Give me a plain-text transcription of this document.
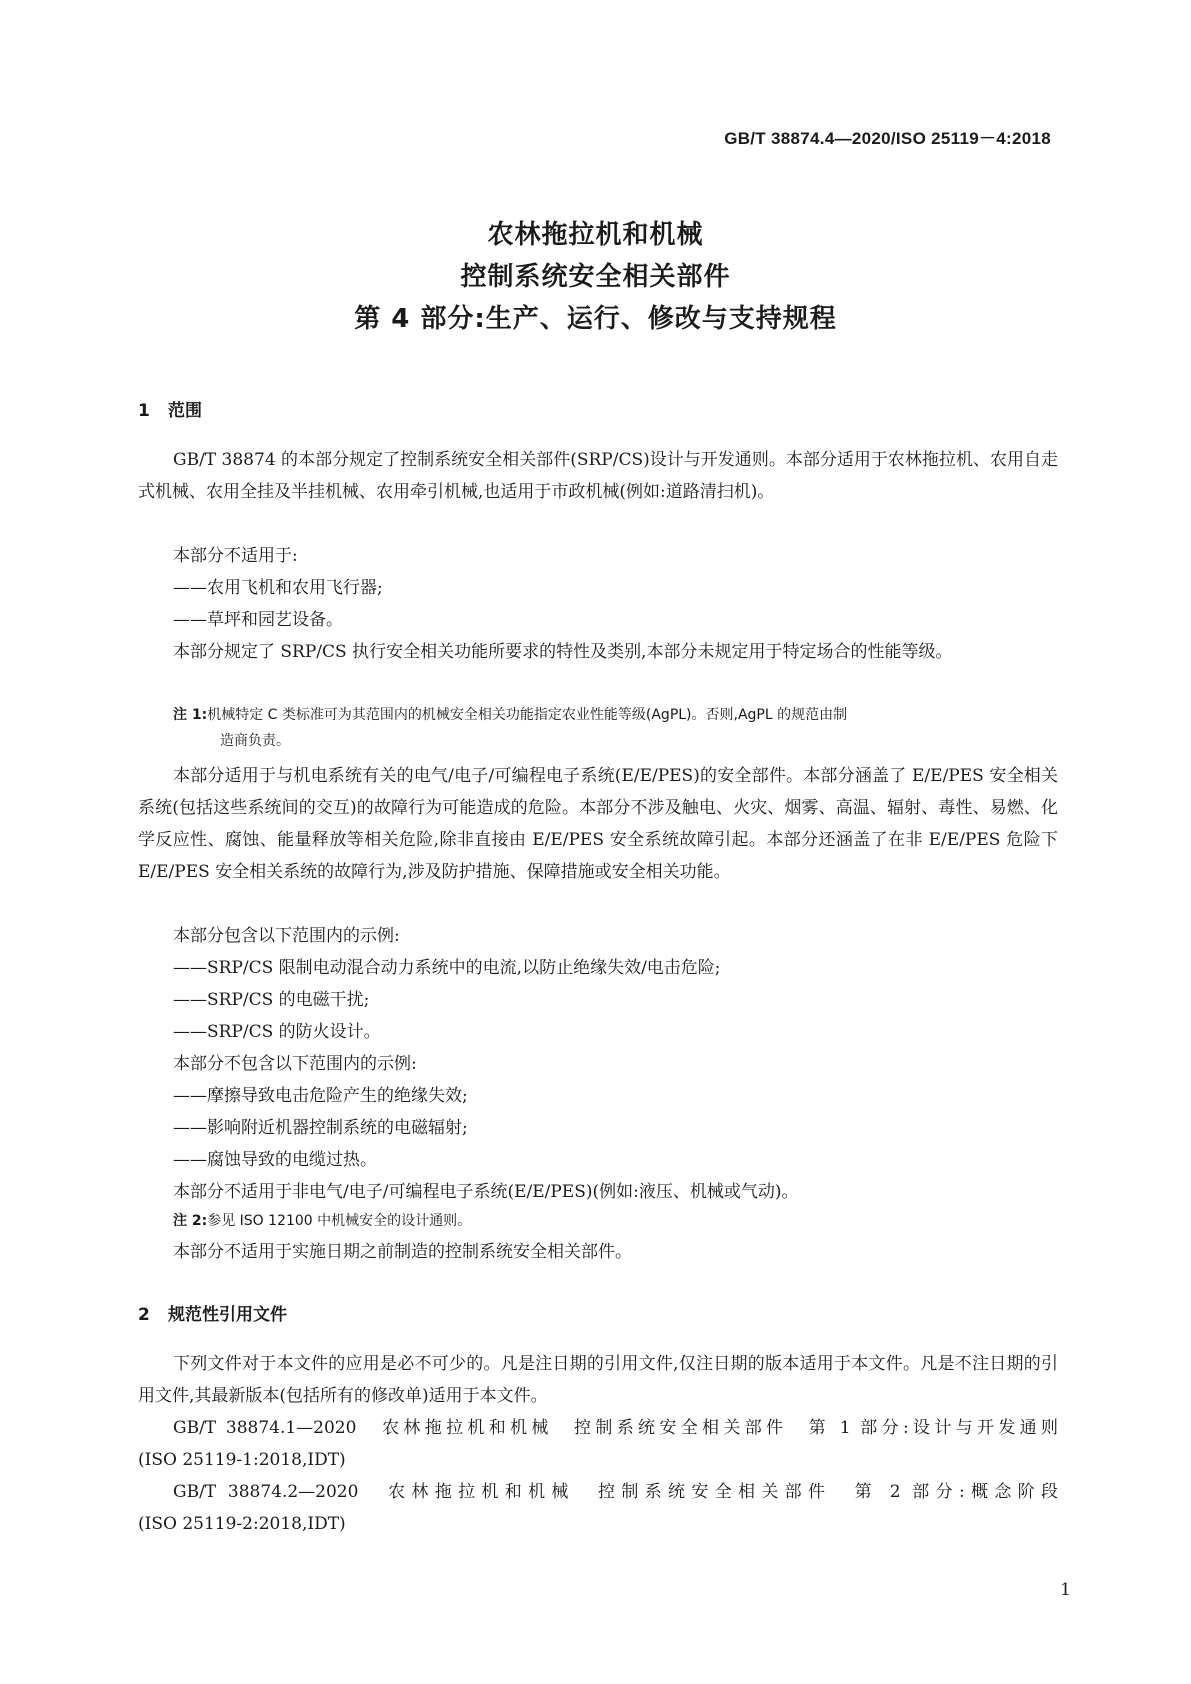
GB/T 38874.4—2020/ISO 25119－4:2018
农林拖拉机和机械
控制系统安全相关部件
第 4 部分:生产、运行、修改与支持规程
1 范围
GB/T 38874 的本部分规定了控制系统安全相关部件(SRP/CS)设计与开发通则。本部分适用于农林拖拉机、农用自走式机械、农用全挂及半挂机械、农用牵引机械,也适用于市政机械(例如:道路清扫机)。
本部分不适用于:
——农用飞机和农用飞行器;
——草坪和园艺设备。
本部分规定了 SRP/CS 执行安全相关功能所要求的特性及类别,本部分未规定用于特定场合的性能等级。
注 1:机械特定 C 类标准可为其范围内的机械安全相关功能指定农业性能等级(AgPL)。否则,AgPL 的规范由制
造商负责。
本部分适用于与机电系统有关的电气/电子/可编程电子系统(E/E/PES)的安全部件。本部分涵盖了 E/E/PES 安全相关系统(包括这些系统间的交互)的故障行为可能造成的危险。本部分不涉及触电、火灾、烟雾、高温、辐射、毒性、易燃、化学反应性、腐蚀、能量释放等相关危险,除非直接由 E/E/PES 安全系统故障引起。本部分还涵盖了在非 E/E/PES 危险下 E/E/PES 安全相关系统的故障行为,涉及防护措施、保障措施或安全相关功能。
本部分包含以下范围内的示例:
——SRP/CS 限制电动混合动力系统中的电流,以防止绝缘失效/电击危险;
——SRP/CS 的电磁干扰;
——SRP/CS 的防火设计。
本部分不包含以下范围内的示例:
——摩擦导致电击危险产生的绝缘失效;
——影响附近机器控制系统的电磁辐射;
——腐蚀导致的电缆过热。
本部分不适用于非电气/电子/可编程电子系统(E/E/PES)(例如:液压、机械或气动)。
注 2:参见 ISO 12100 中机械安全的设计通则。
本部分不适用于实施日期之前制造的控制系统安全相关部件。
2 规范性引用文件
下列文件对于本文件的应用是必不可少的。凡是注日期的引用文件,仅注日期的版本适用于本文件。凡是不注日期的引用文件,其最新版本(包括所有的修改单)适用于本文件。
GB/T 38874.1—2020　农林拖拉机和机械　控制系统安全相关部件　第 1 部分:设计与开发通则
(ISO 25119-1:2018,IDT)
GB/T 38874.2—2020　农林拖拉机和机械　控制系统安全相关部件　第 2 部分:概念阶段
(ISO 25119-2:2018,IDT)
1
